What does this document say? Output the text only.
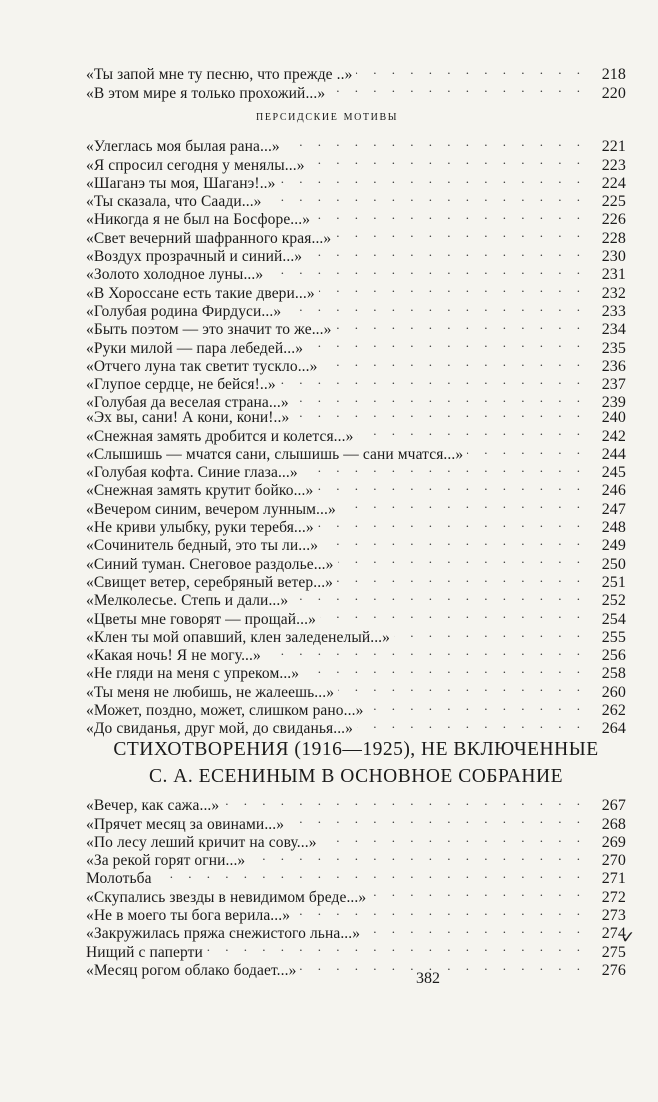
«Ты запой мне ту песню, что прежде ..» . . .	218
«В этом мире я только прохожий...» . . .	220
персидские мотивы
«Улеглась моя былая рана...» . . .	221
«Я спросил сегодня у менялы...» . . .	223
«Шаганэ ты моя, Шаганэ!..» . . .	224
«Ты сказала, что Саади...» . . .	225
«Никогда я не был на Босфоре...» . . .	226
«Свет вечерний шафранного края...» . . .	228
«Воздух прозрачный и синий...» . . .	230
«Золото холодное луны...» . . .	231
«В Хороссане есть такие двери...» . . .	232
«Голубая родина Фирдуси...» . . .	233
«Быть поэтом — это значит то же...» . . .	234
«Руки милой — пара лебедей...» . . .	235
«Отчего луна так светит тускло...» . . .	236
«Глупое сердце, не бейся!..» . . .	237
«Голубая да веселая страна...» . . .	239
«Эх вы, сани! А кони, кони!..» . . .	240
«Снежная замять дробится и колется...» . . .	242
«Слышишь — мчатся сани, слышишь — сани мчатся...» . . .	244
«Голубая кофта. Синие глаза...» . . .	245
«Снежная замять крутит бойко...» . . .	246
«Вечером синим, вечером лунным...» . . .	247
«Не криви улыбку, руки теребя...» . . .	248
«Сочинитель бедный, это ты ли...» . . .	249
«Синий туман. Снеговое раздолье...» . . .	250
«Свищет ветер, серебряный ветер...» . . .	251
«Мелколесье. Степь и дали...» . . .	252
«Цветы мне говорят — прощай...» . . .	254
«Клен ты мой опавший, клен заледенелый...» . . .	255
«Какая ночь! Я не могу...» . . .	256
«Не гляди на меня с упреком...» . . .	258
«Ты меня не любишь, не жалеешь...» . . .	260
«Может, поздно, может, слишком рано...» . . .	262
«До свиданья, друг мой, до свиданья...» . . .	264
СТИХОТВОРЕНИЯ (1916—1925), НЕ ВКЛЮЧЕННЫЕ
С. А. ЕСЕНИНЫМ В ОСНОВНОЕ СОБРАНИЕ
«Вечер, как сажа...» . . .	267
«Прячет месяц за овинами...» . . .	268
«По лесу леший кричит на сову...» . . .	269
«За рекой горят огни...» . . .	270
Молотьба . . .	271
«Скупались звезды в невидимом бреде...» . . .	272
«Не в моего ты бога верила...» . . .	273
«Закружилась пряжа снежистого льна...» . . .	274
Нищий с паперти . . .	275
«Месяц рогом облако бодает...» . . .	276
382
✓
